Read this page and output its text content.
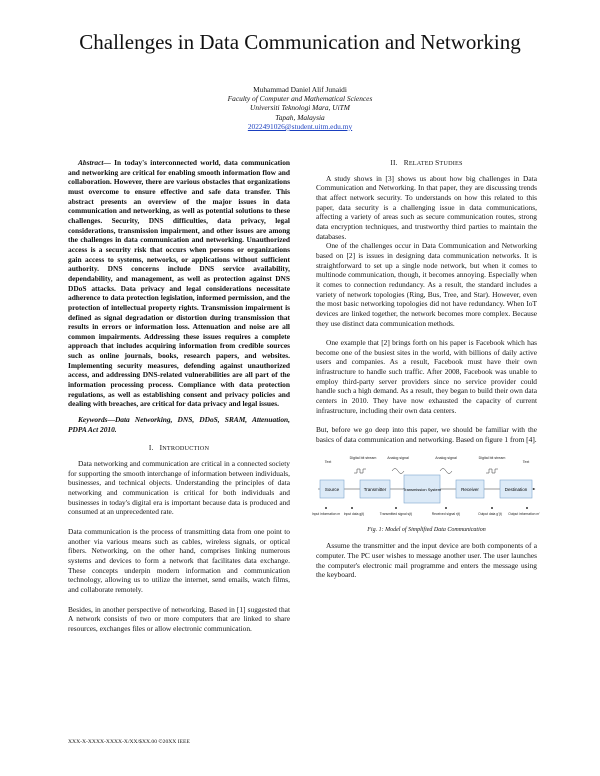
Challenges in Data Communication and Networking
Muhammad Daniel Alif Junaidi
Faculty of Computer and Mathematical Sciences
Universiti Teknologi Mara, UiTM
Tapah, Malaysia
2022491026@student.uitm.edu.my

Abstract— In today's interconnected world, data communication and networking are critical for enabling smooth information flow and collaboration. However, there are various obstacles that organizations must overcome to ensure effective and safe data transfer. This abstract presents an overview of the major issues in data communication and networking, as well as potential solutions to these challenges. Security, DNS difficulties, data privacy, legal considerations, transmission impairment, and other issues are among the challenges in data communication and networking. Unauthorized access is a security risk that occurs when persons or organizations gain access to systems, networks, or applications without sufficient authority. DNS concerns include DNS service availability, dependability, and management, as well as protection against DNS DDoS attacks. Data privacy and legal considerations necessitate adherence to data protection legislation, informed permission, and the protection of intellectual property rights. Transmission impairment is defined as signal degradation or distortion during transmission that results in errors or information loss. Attenuation and noise are all common impairments. Addressing these issues requires a complete approach that includes acquiring information from credible sources such as online journals, books, research papers, and websites. Implementing security measures, defending against unauthorized access, and addressing DNS-related vulnerabilities are all part of the information processing process. Compliance with data protection regulations, as well as establishing consent and privacy policies and dealing with breaches, are critical for data privacy and legal issues.

Keywords—Data Networking, DNS, DDoS, SRAM, Attenuation, PDPA Act 2010.

I. INTRODUCTION

Data networking and communication are critical in a connected society for supporting the smooth interchange of information between individuals, businesses, and technical objects. Understanding the principles of data networking and communication is critical for both individuals and businesses in today's digital era is important because data is produced and consumed at an unprecedented rate.

Data communication is the process of transmitting data from one point to another via various means such as cables, wireless signals, or optical fibers. Networking, on the other hand, comprises linking numerous systems and devices to form a network that facilitates data exchange. These concepts underpin modern information and communication technology, allowing us to utilize the internet, send emails, watch films, and collaborate remotely.

Besides, in another perspective of networking. Based in [1] suggested that A network consists of two or more computers that are linked to share resources, exchanges files or allow electronic communication.

II. RELATED STUDIES

A study shows in [3] shows us about how big challenges in Data Communication and Networking. In that paper, they are discussing trends that affect network security. To understands on how this related to this paper, data security is a challenging issue in data communications, affecting a variety of areas such as secure communication routes, strong data encryption techniques, and trustworthy third parties to maintain the databases.

One of the challenges occur in Data Communication and Networking based on [2] is issues in designing data communication networks. It is straightforward to set up a single node network, but when it comes to multinode communication, though, it becomes annoying. Especially when it comes to connection redundancy. As a result, the standard includes a variety of network topologies (Ring, Bus, Tree, and Star). However, even the most basic networking topologies did not have redundancy. When IoT devices are linked together, the network becomes more complex. Because they use distinct data communication methods.

One example that [2] brings forth on his paper is Facebook which has become one of the busiest sites in the world, with billions of daily active users and companies. As a result, Facebook must have their own infrastructure to handle such traffic. After 2008, Facebook was unable to employ third-party server providers since no service provider could handle such a high demand. As a result, they began to build their own data centers in 2010. They have now exhausted the capacity of current infrastructure, including their own data centers.

But, before we go deep into this paper, we should be familiar with the basics of data communication and networking. Based on figure 1 from [4].

Source	Transmitter	Transmission System	Receiver	Destination
Text
Digital bit stream	Analog signal	Analog signal	Digital bit stream
Text
Input information m Input data g(t)	Transmitted signal s(t)	Received signal r(t)	Output data g'(t) Output information m'

Fig. 1: Model of Simplified Data Communication

Assume the transmitter and the input device are both components of a computer. The PC user wishes to message another user. The user launches the computer's electronic mail programme and enters the message using the keyboard.

XXX-X-XXXX-XXXX-X/XX/$XX.00 ©20XX IEEE
